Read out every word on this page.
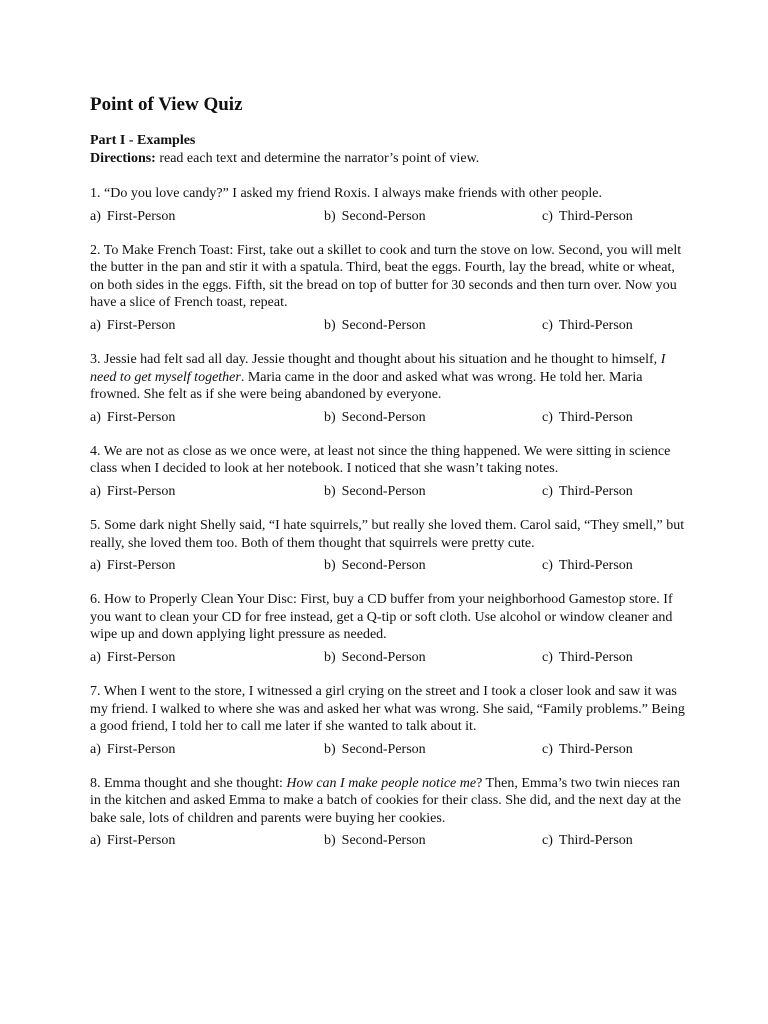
Point of View Quiz

Part I - Examples

Directions: read each text and determine the narrator’s point of view.

1. “Do you love candy?” I asked my friend Roxis. I always make friends with other people.

a) First-Person	b) Second-Person	c) Third-Person

2. To Make French Toast: First, take out a skillet to cook and turn the stove on low. Second, you will melt the butter in the pan and stir it with a spatula. Third, beat the eggs. Fourth, lay the bread, white or wheat, on both sides in the eggs. Fifth, sit the bread on top of butter for 30 seconds and then turn over. Now you have a slice of French toast, repeat.

a) First-Person	b) Second-Person	c) Third-Person

3. Jessie had felt sad all day. Jessie thought and thought about his situation and he thought to himself, I need to get myself together. Maria came in the door and asked what was wrong. He told her. Maria frowned. She felt as if she were being abandoned by everyone.

a) First-Person	b) Second-Person	c) Third-Person

4. We are not as close as we once were, at least not since the thing happened. We were sitting in science class when I decided to look at her notebook. I noticed that she wasn’t taking notes.

a) First-Person	b) Second-Person	c) Third-Person

5. Some dark night Shelly said, “I hate squirrels,” but really she loved them. Carol said, “They smell,” but really, she loved them too. Both of them thought that squirrels were pretty cute.

a) First-Person	b) Second-Person	c) Third-Person

6. How to Properly Clean Your Disc: First, buy a CD buffer from your neighborhood Gamestop store. If you want to clean your CD for free instead, get a Q-tip or soft cloth. Use alcohol or window cleaner and wipe up and down applying light pressure as needed.

a) First-Person	b) Second-Person	c) Third-Person

7. When I went to the store, I witnessed a girl crying on the street and I took a closer look and saw it was my friend. I walked to where she was and asked her what was wrong. She said, “Family problems.” Being a good friend, I told her to call me later if she wanted to talk about it.

a) First-Person	b) Second-Person	c) Third-Person

8. Emma thought and she thought: How can I make people notice me? Then, Emma’s two twin nieces ran in the kitchen and asked Emma to make a batch of cookies for their class. She did, and the next day at the bake sale, lots of children and parents were buying her cookies.

a) First-Person	b) Second-Person	c) Third-Person
